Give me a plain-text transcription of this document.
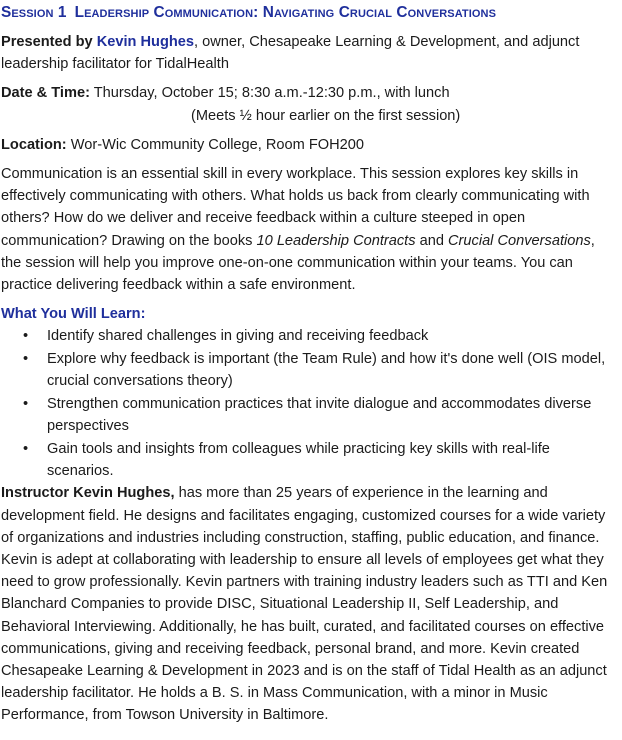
Session 1 Leadership Communication: Navigating Crucial Conversations

Presented by Kevin Hughes, owner, Chesapeake Learning & Development, and adjunct leadership facilitator for TidalHealth

Date & Time: Thursday, October 15; 8:30 a.m.-12:30 p.m., with lunch
(Meets ½ hour earlier on the first session)

Location: Wor-Wic Community College, Room FOH200

Communication is an essential skill in every workplace. This session explores key skills in effectively communicating with others. What holds us back from clearly communicating with others? How do we deliver and receive feedback within a culture steeped in open communication? Drawing on the books 10 Leadership Contracts and Crucial Conversations, the session will help you improve one-on-one communication within your teams. You can practice delivering feedback within a safe environment.

What You Will Learn:
• Identify shared challenges in giving and receiving feedback
• Explore why feedback is important (the Team Rule) and how it's done well (OIS model, crucial conversations theory)
• Strengthen communication practices that invite dialogue and accommodates diverse perspectives
• Gain tools and insights from colleagues while practicing key skills with real-life scenarios.

Instructor Kevin Hughes, has more than 25 years of experience in the learning and development field. He designs and facilitates engaging, customized courses for a wide variety of organizations and industries including construction, staffing, public education, and finance. Kevin is adept at collaborating with leadership to ensure all levels of employees get what they need to grow professionally. Kevin partners with training industry leaders such as TTI and Ken Blanchard Companies to provide DISC, Situational Leadership II, Self Leadership, and Behavioral Interviewing. Additionally, he has built, curated, and facilitated courses on effective communications, giving and receiving feedback, personal brand, and more. Kevin created Chesapeake Learning & Development in 2023 and is on the staff of Tidal Health as an adjunct leadership facilitator. He holds a B. S. in Mass Communication, with a minor in Music Performance, from Towson University in Baltimore.
